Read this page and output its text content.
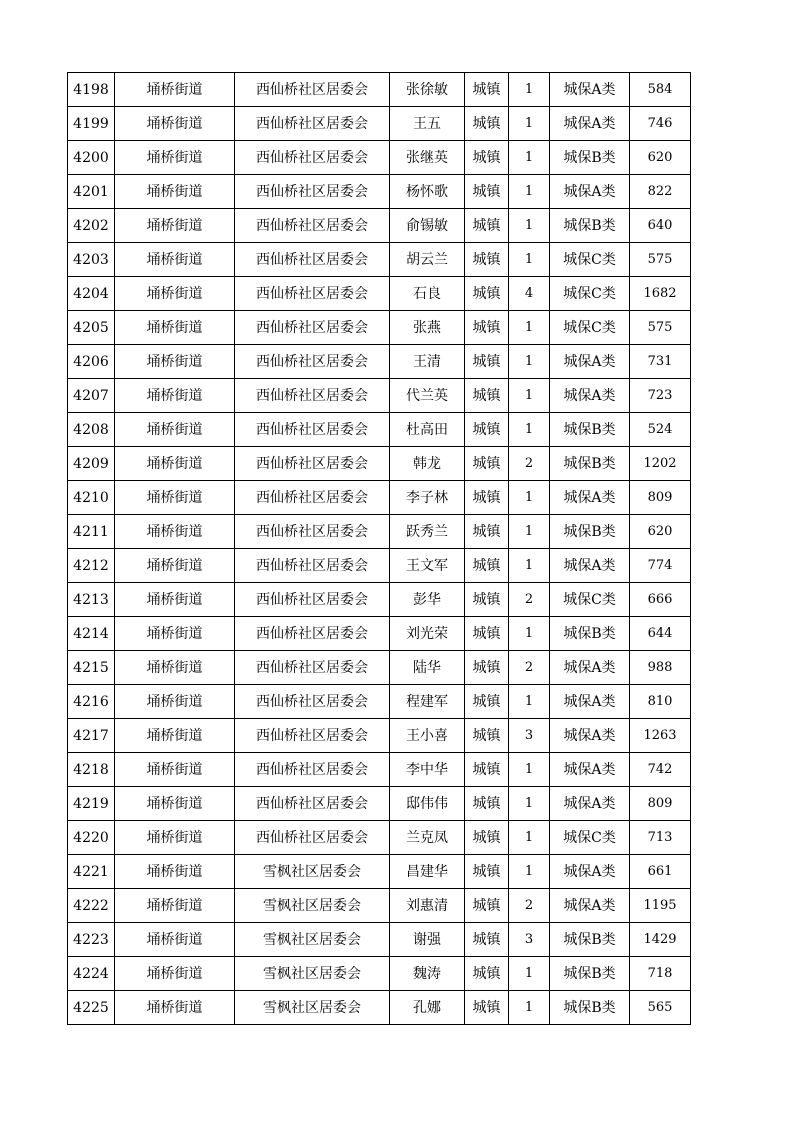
4198	埇桥街道	西仙桥社区居委会	张徐敏	城镇	1	城保A类	584
4199	埇桥街道	西仙桥社区居委会	王五	城镇	1	城保A类	746
4200	埇桥街道	西仙桥社区居委会	张继英	城镇	1	城保B类	620
4201	埇桥街道	西仙桥社区居委会	杨怀歌	城镇	1	城保A类	822
4202	埇桥街道	西仙桥社区居委会	俞锡敏	城镇	1	城保B类	640
4203	埇桥街道	西仙桥社区居委会	胡云兰	城镇	1	城保C类	575
4204	埇桥街道	西仙桥社区居委会	石良	城镇	4	城保C类	1682
4205	埇桥街道	西仙桥社区居委会	张燕	城镇	1	城保C类	575
4206	埇桥街道	西仙桥社区居委会	王清	城镇	1	城保A类	731
4207	埇桥街道	西仙桥社区居委会	代兰英	城镇	1	城保A类	723
4208	埇桥街道	西仙桥社区居委会	杜高田	城镇	1	城保B类	524
4209	埇桥街道	西仙桥社区居委会	韩龙	城镇	2	城保B类	1202
4210	埇桥街道	西仙桥社区居委会	李子林	城镇	1	城保A类	809
4211	埇桥街道	西仙桥社区居委会	跃秀兰	城镇	1	城保B类	620
4212	埇桥街道	西仙桥社区居委会	王文军	城镇	1	城保A类	774
4213	埇桥街道	西仙桥社区居委会	彭华	城镇	2	城保C类	666
4214	埇桥街道	西仙桥社区居委会	刘光荣	城镇	1	城保B类	644
4215	埇桥街道	西仙桥社区居委会	陆华	城镇	2	城保A类	988
4216	埇桥街道	西仙桥社区居委会	程建军	城镇	1	城保A类	810
4217	埇桥街道	西仙桥社区居委会	王小喜	城镇	3	城保A类	1263
4218	埇桥街道	西仙桥社区居委会	李中华	城镇	1	城保A类	742
4219	埇桥街道	西仙桥社区居委会	邸伟伟	城镇	1	城保A类	809
4220	埇桥街道	西仙桥社区居委会	兰克凤	城镇	1	城保C类	713
4221	埇桥街道	雪枫社区居委会	昌建华	城镇	1	城保A类	661
4222	埇桥街道	雪枫社区居委会	刘惠清	城镇	2	城保A类	1195
4223	埇桥街道	雪枫社区居委会	谢强	城镇	3	城保B类	1429
4224	埇桥街道	雪枫社区居委会	魏涛	城镇	1	城保B类	718
4225	埇桥街道	雪枫社区居委会	孔娜	城镇	1	城保B类	565
